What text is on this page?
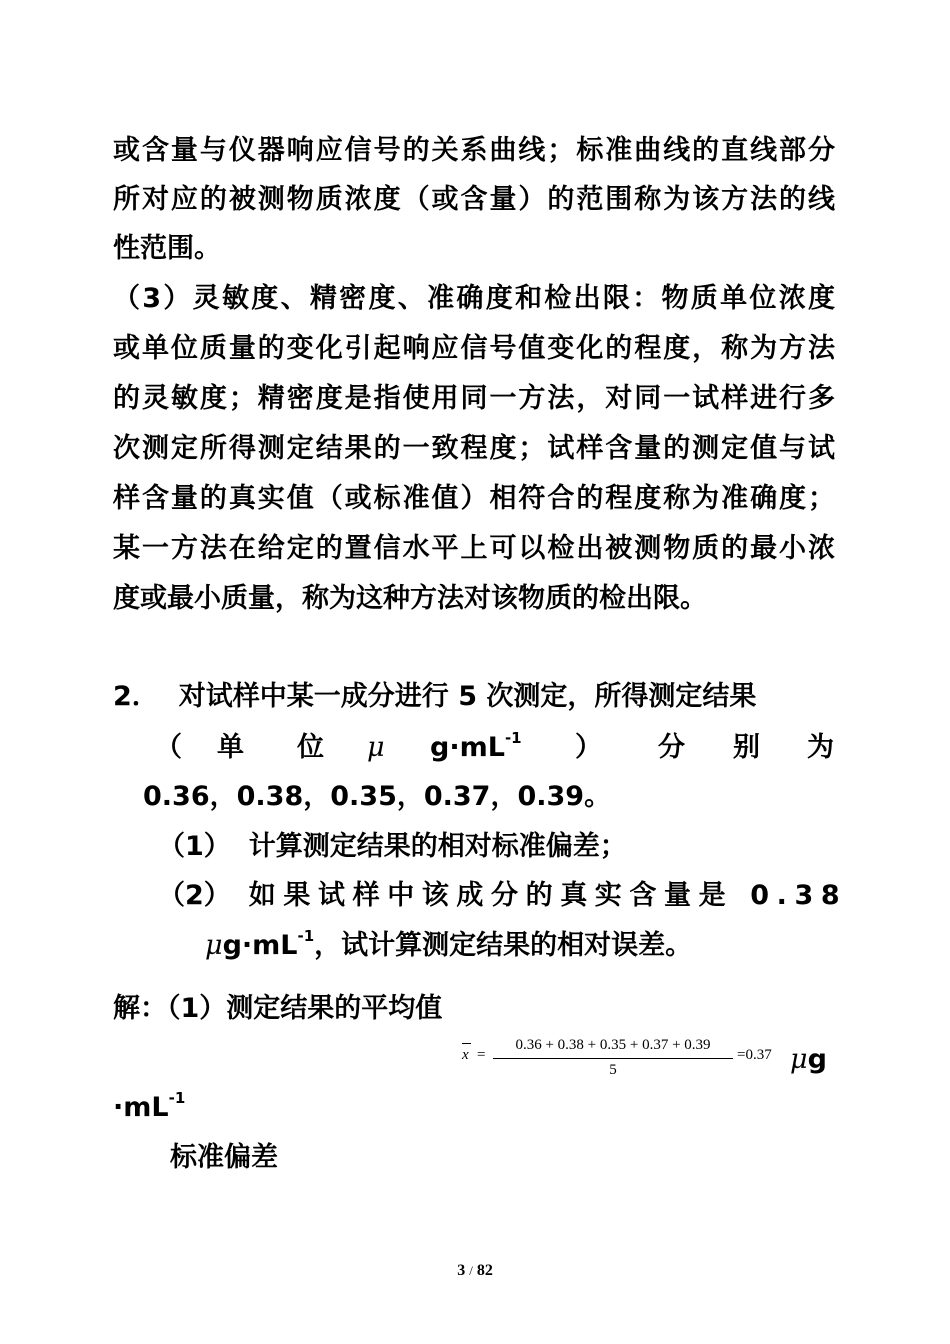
或含量与仪器响应信号的关系曲线；标准曲线的直线部分
所对应的被测物质浓度（或含量）的范围称为该方法的线
性范围。
（3）灵敏度、精密度、准确度和检出限：物质单位浓度
或单位质量的变化引起响应信号值变化的程度，称为方法
的灵敏度；精密度是指使用同一方法，对同一试样进行多
次测定所得测定结果的一致程度；试样含量的测定值与试
样含量的真实值（或标准值）相符合的程度称为准确度；
某一方法在给定的置信水平上可以检出被测物质的最小浓
度或最小质量，称为这种方法对该物质的检出限。
2． 对试样中某一成分进行 5 次测定，所得测定结果
（ 单 位 μ $g\cdot mL^{-1}$ ） 分 别 为
0.36，0.38，0.35，0.37，0.39。
（1） 计算测定结果的相对标准偏差；
（2） 如果试样中该成分的真实含量是 0.38
$\mu g\cdot mL^{-1}$，试计算测定结果的相对误差。
解：（1）测定结果的平均值
x =
0.36 + 0.38 + 0.35 + 0.37 + 0.39
5
=0.37 μg
$\cdot mL^{-1}$
标准偏差
3 / 82
